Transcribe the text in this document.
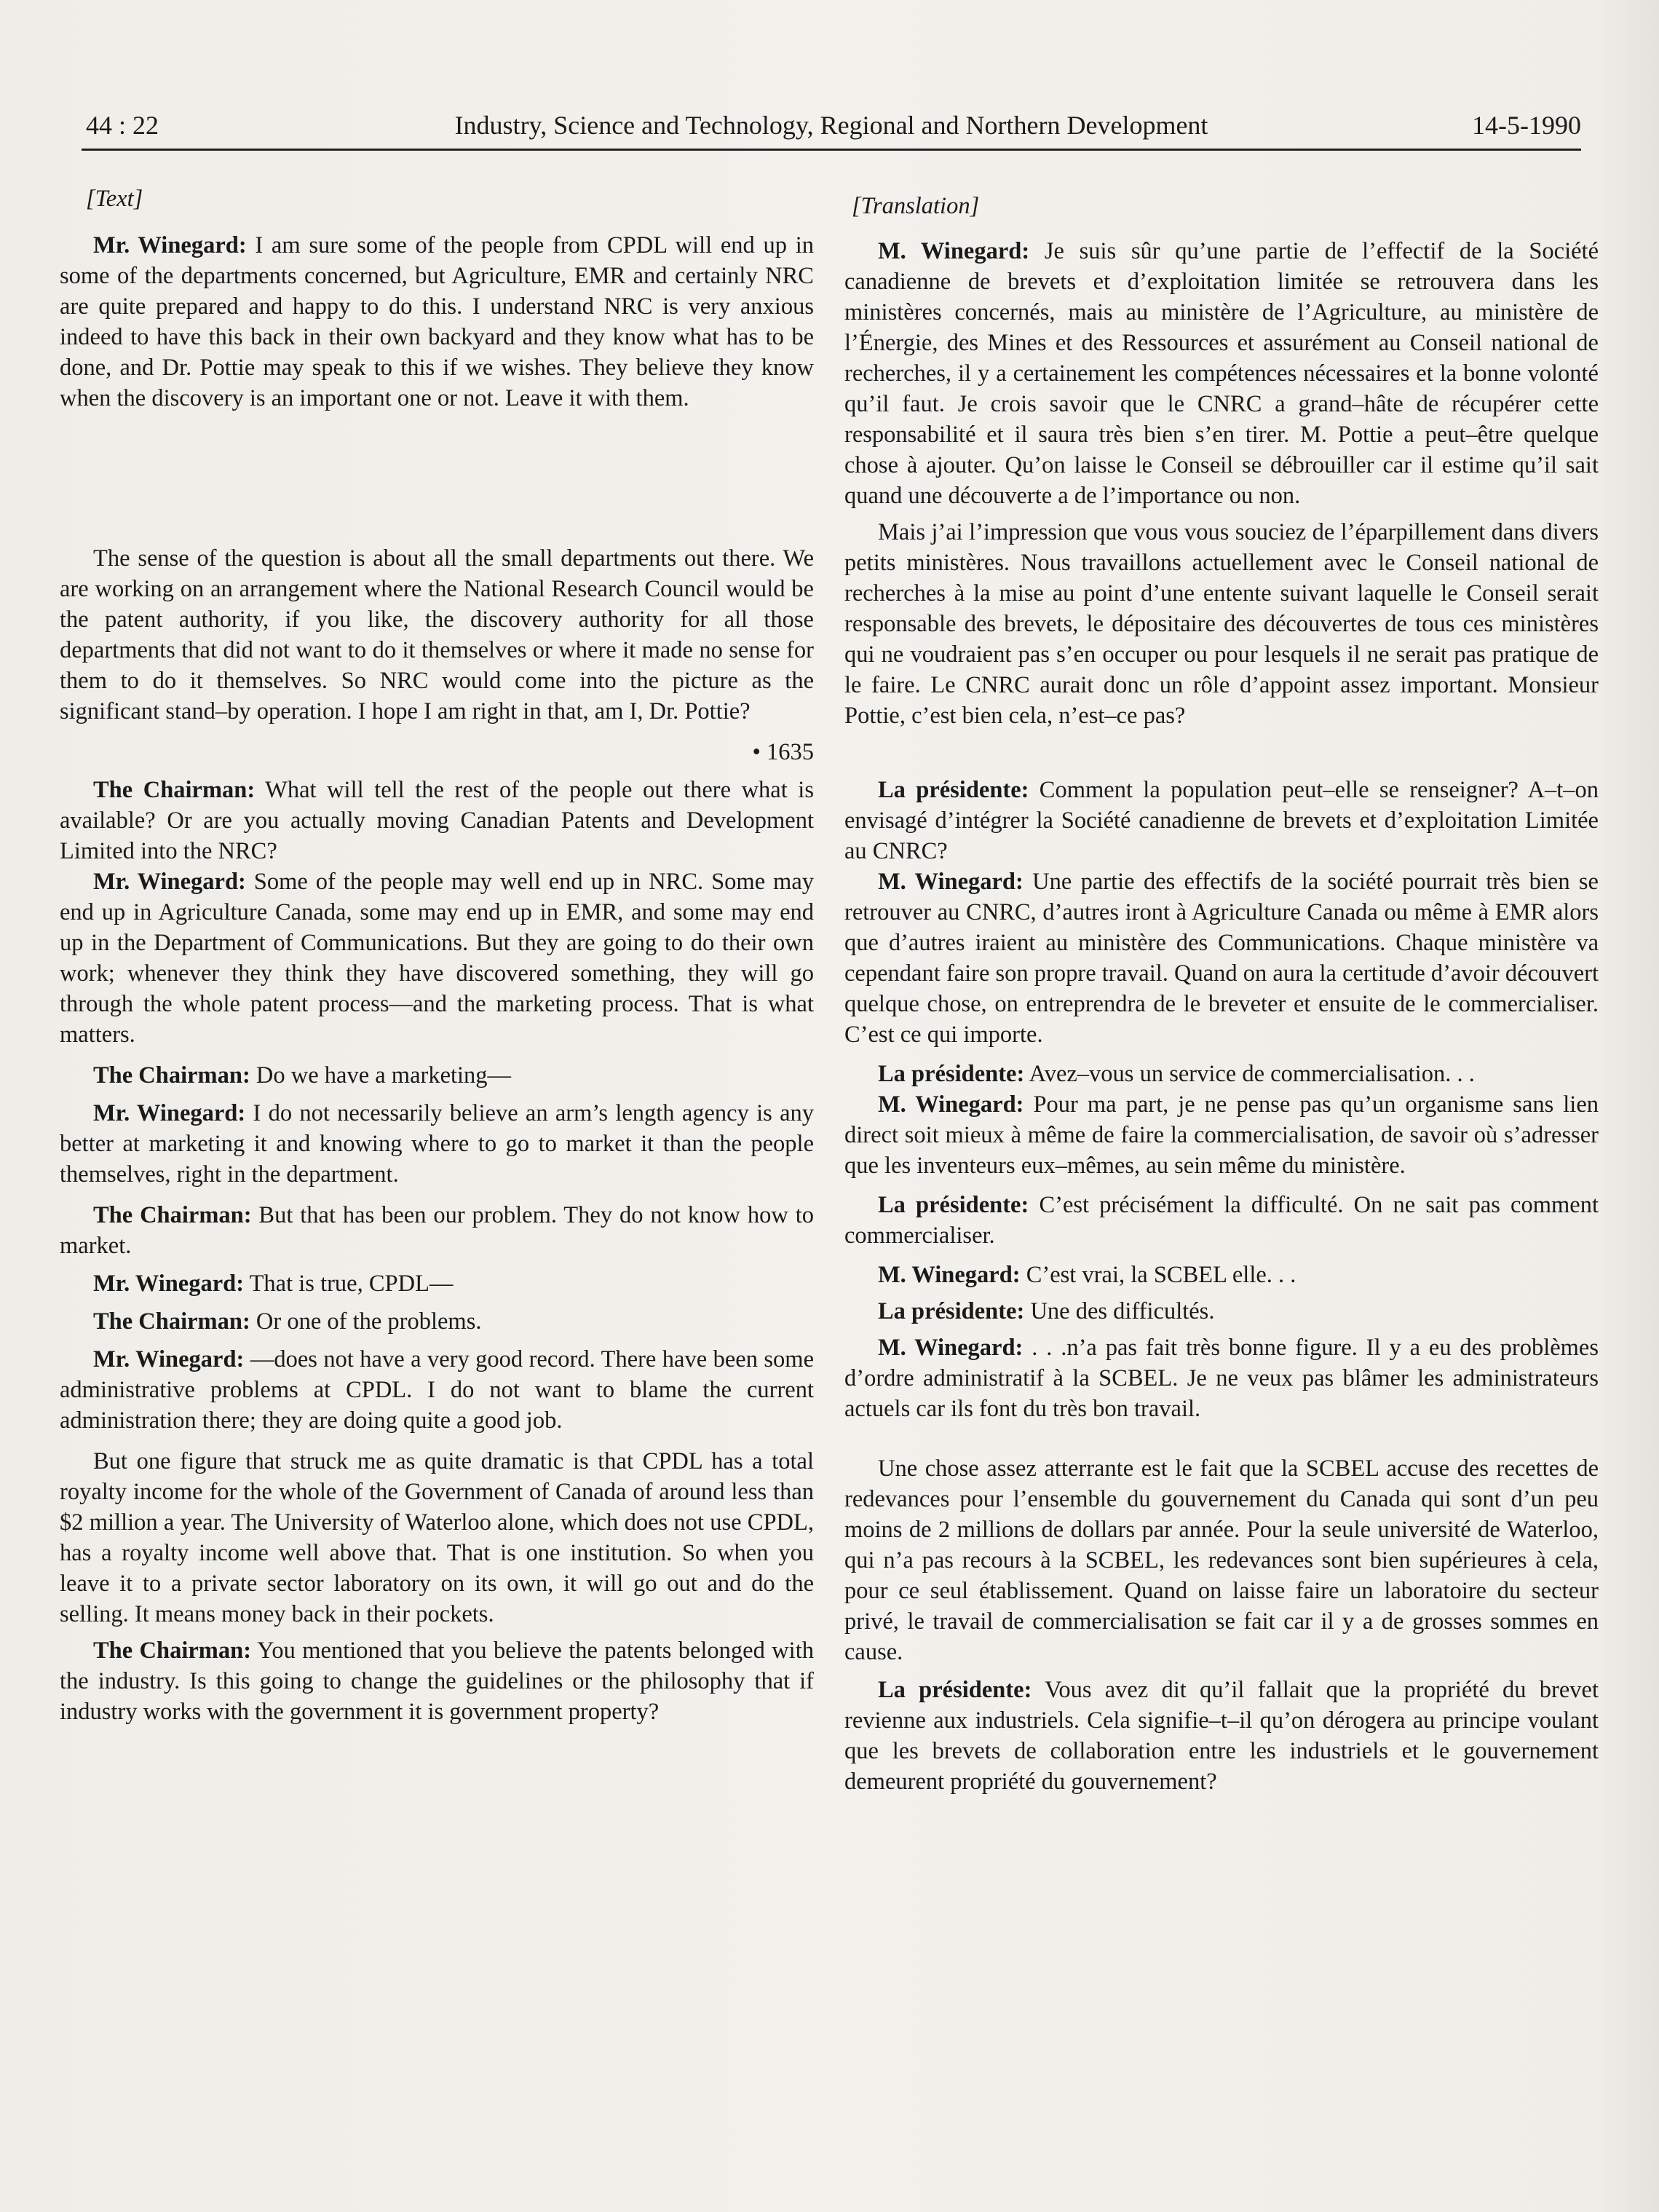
44 : 22	Industry, Science and Technology, Regional and Northern Development	14-5-1990

[Text]

Mr. Winegard: I am sure some of the people from CPDL will end up in some of the departments concerned, but Agriculture, EMR and certainly NRC are quite prepared and happy to do this. I understand NRC is very anxious indeed to have this back in their own backyard and they know what has to be done, and Dr. Pottie may speak to this if we wishes. They believe they know when the discovery is an important one or not. Leave it with them.

The sense of the question is about all the small departments out there. We are working on an arrangement where the National Research Council would be the patent authority, if you like, the discovery authority for all those departments that did not want to do it themselves or where it made no sense for them to do it themselves. So NRC would come into the picture as the significant stand–by operation. I hope I am right in that, am I, Dr. Pottie?

• 1635

The Chairman: What will tell the rest of the people out there what is available? Or are you actually moving Canadian Patents and Development Limited into the NRC?

Mr. Winegard: Some of the people may well end up in NRC. Some may end up in Agriculture Canada, some may end up in EMR, and some may end up in the Department of Communications. But they are going to do their own work; whenever they think they have discovered something, they will go through the whole patent process—and the marketing process. That is what matters.

The Chairman: Do we have a marketing—

Mr. Winegard: I do not necessarily believe an arm’s length agency is any better at marketing it and knowing where to go to market it than the people themselves, right in the department.

The Chairman: But that has been our problem. They do not know how to market.

Mr. Winegard: That is true, CPDL—

The Chairman: Or one of the problems.

Mr. Winegard: —does not have a very good record. There have been some administrative problems at CPDL. I do not want to blame the current administration there; they are doing quite a good job.

But one figure that struck me as quite dramatic is that CPDL has a total royalty income for the whole of the Government of Canada of around less than $2 million a year. The University of Waterloo alone, which does not use CPDL, has a royalty income well above that. That is one institution. So when you leave it to a private sector laboratory on its own, it will go out and do the selling. It means money back in their pockets.

The Chairman: You mentioned that you believe the patents belonged with the industry. Is this going to change the guidelines or the philosophy that if industry works with the government it is government property?

[Translation]

M. Winegard: Je suis sûr qu’une partie de l’effectif de la Société canadienne de brevets et d’exploitation limitée se retrouvera dans les ministères concernés, mais au ministère de l’Agriculture, au ministère de l’Énergie, des Mines et des Ressources et assurément au Conseil national de recherches, il y a certainement les compétences nécessaires et la bonne volonté qu’il faut. Je crois savoir que le CNRC a grand–hâte de récupérer cette responsabilité et il saura très bien s’en tirer. M. Pottie a peut–être quelque chose à ajouter. Qu’on laisse le Conseil se débrouiller car il estime qu’il sait quand une découverte a de l’importance ou non.

Mais j’ai l’impression que vous vous souciez de l’éparpillement dans divers petits ministères. Nous travaillons actuellement avec le Conseil national de recherches à la mise au point d’une entente suivant laquelle le Conseil serait responsable des brevets, le dépositaire des découvertes de tous ces ministères qui ne voudraient pas s’en occuper ou pour lesquels il ne serait pas pratique de le faire. Le CNRC aurait donc un rôle d’appoint assez important. Monsieur Pottie, c’est bien cela, n’est–ce pas?

La présidente: Comment la population peut–elle se renseigner? A–t–on envisagé d’intégrer la Société canadienne de brevets et d’exploitation Limitée au CNRC?

M. Winegard: Une partie des effectifs de la société pourrait très bien se retrouver au CNRC, d’autres iront à Agriculture Canada ou même à EMR alors que d’autres iraient au ministère des Communications. Chaque ministère va cependant faire son propre travail. Quand on aura la certitude d’avoir découvert quelque chose, on entreprendra de le breveter et ensuite de le commercialiser. C’est ce qui importe.

La présidente: Avez–vous un service de commercialisation. . .

M. Winegard: Pour ma part, je ne pense pas qu’un organisme sans lien direct soit mieux à même de faire la commercialisation, de savoir où s’adresser que les inventeurs eux–mêmes, au sein même du ministère.

La présidente: C’est précisément la difficulté. On ne sait pas comment commercialiser.

M. Winegard: C’est vrai, la SCBEL elle. . .

La présidente: Une des difficultés.

M. Winegard: . . .n’a pas fait très bonne figure. Il y a eu des problèmes d’ordre administratif à la SCBEL. Je ne veux pas blâmer les administrateurs actuels car ils font du très bon travail.

Une chose assez atterrante est le fait que la SCBEL accuse des recettes de redevances pour l’ensemble du gouvernement du Canada qui sont d’un peu moins de 2 millions de dollars par année. Pour la seule université de Waterloo, qui n’a pas recours à la SCBEL, les redevances sont bien supérieures à cela, pour ce seul établissement. Quand on laisse faire un laboratoire du secteur privé, le travail de commercialisation se fait car il y a de grosses sommes en cause.

La présidente: Vous avez dit qu’il fallait que la propriété du brevet revienne aux industriels. Cela signifie–t–il qu’on dérogera au principe voulant que les brevets de collaboration entre les industriels et le gouvernement demeurent propriété du gouvernement?
